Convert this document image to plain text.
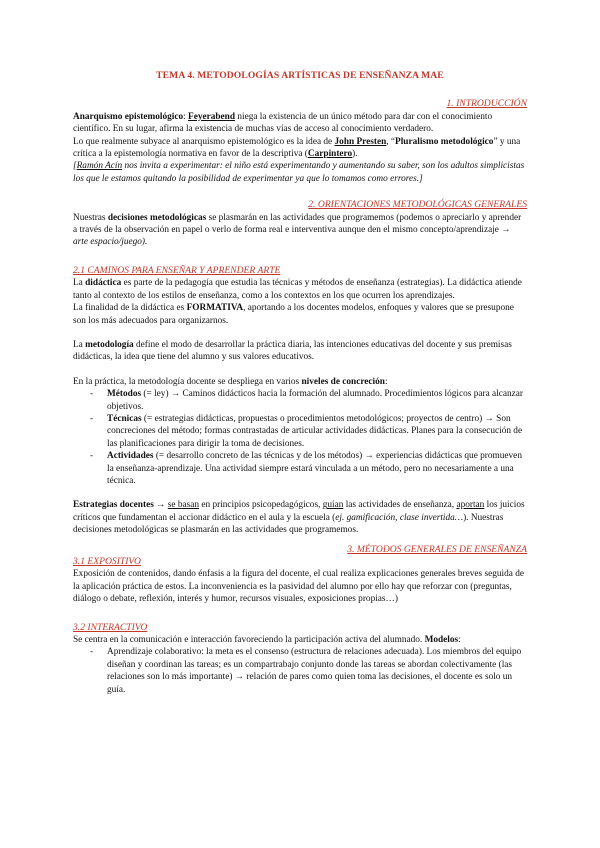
TEMA 4. METODOLOGÍAS ARTÍSTICAS DE ENSEÑANZA MAE
1. INTRODUCCIÓN

Anarquismo epistemológico: Feyerabend niega la existencia de un único método para dar con el conocimiento científico. En su lugar, afirma la existencia de muchas vías de acceso al conocimiento verdadero.

Lo que realmente subyace al anarquismo epistemológico es la idea de John Presten, “Pluralismo metodológico” y una crítica a la epistemología normativa en favor de la descriptiva (Carpintero).

[Ramón Acín nos invita a experimentar: el niño está experimentando y aumentando su saber, son los adultos simplicistas los que le estamos quitando la posibilidad de experimentar ya que lo tomamos como errores.]

2. ORIENTACIONES METODOLÓGICAS GENERALES

Nuestras decisiones metodológicas se plasmarán en las actividades que programemos (podemos o apreciarlo y aprender a través de la observación en papel o verlo de forma real e interventiva aunque den el mismo concepto/aprendizaje → arte espacio/juego).

2.1 CAMINOS PARA ENSEÑAR Y APRENDER ARTE

La didáctica es parte de la pedagogía que estudia las técnicas y métodos de enseñanza (estrategias). La didáctica atiende tanto al contexto de los estilos de enseñanza, como a los contextos en los que ocurren los aprendizajes.

La finalidad de la didáctica es FORMATIVA, aportando a los docentes modelos, enfoques y valores que se presupone son los más adecuados para organizarnos.

La metodología define el modo de desarrollar la práctica diaria, las intenciones educativas del docente y sus premisas didácticas, la idea que tiene del alumno y sus valores educativos.

En la práctica, la metodología docente se despliega en varios niveles de concreción:

- Métodos (= ley) → Caminos didácticos hacia la formación del alumnado. Procedimientos lógicos para alcanzar objetivos.
- Técnicas (= estrategias didácticas, propuestas o procedimientos metodológicos; proyectos de centro) → Son concreciones del método; formas contrastadas de articular actividades didácticas. Planes para la consecución de las planificaciones para dirigir la toma de decisiones.
- Actividades (= desarrollo concreto de las técnicas y de los métodos) → experiencias didácticas que promueven la enseñanza-aprendizaje. Una actividad siempre estará vinculada a un método, pero no necesariamente a una técnica.

Estrategias docentes → se basan en principios psicopedagógicos, guían las actividades de enseñanza, aportan los juicios críticos que fundamentan el accionar didáctico en el aula y la escuela (ej. gamificación, clase invertida…). Nuestras decisiones metodológicas se plasmarán en las actividades que programemos.

3. MÉTODOS GENERALES DE ENSEÑANZA
3.1 EXPOSITIVO

Exposición de contenidos, dando énfasis a la figura del docente, el cual realiza explicaciones generales breves seguida de la aplicación práctica de estos. La inconveniencia es la pasividad del alumno por ello hay que reforzar con (preguntas, diálogo o debate, reflexión, interés y humor, recursos visuales, exposiciones propias…)

3.2 INTERACTIVO

Se centra en la comunicación e interacción favoreciendo la participación activa del alumnado. Modelos:

- Aprendizaje colaborativo: la meta es el consenso (estructura de relaciones adecuada). Los miembros del equipo diseñan y coordinan las tareas; es un compartrabajo conjunto donde las tareas se abordan colectivamente (las relaciones son lo más importante) → relación de pares como quien toma las decisiones, el docente es solo un guía.
